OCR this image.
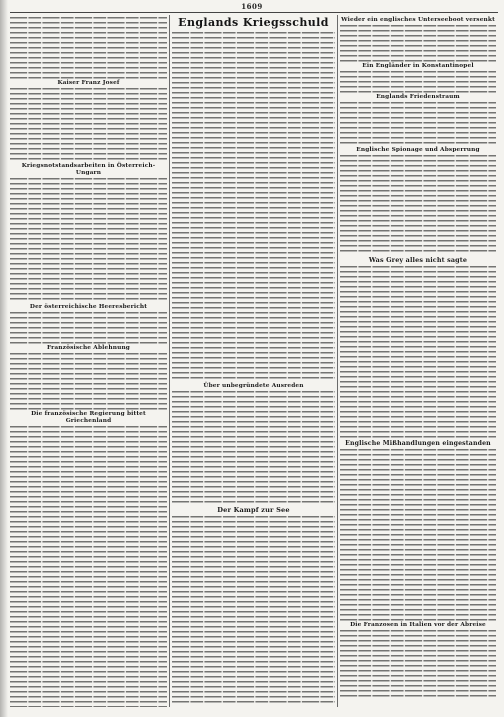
1609
Kaiser Franz Josef
Kriegsnotstandsarbeiten in Österreich-Ungarn
Der österreichische Heeresbericht
Französische Ablehnung
Die französische Regierung bittet Griechenland
Englands Kriegsschuld
Über unbegründete Ausreden
Der Kampf zur See
Wieder ein englisches Unterseeboot versenkt
Ein Engländer in Konstantinopel
Englands Friedenstraum
Englische Spionage und Absperrung
Was Grey alles nicht sagte
Englische Mißhandlungen eingestanden
Die Franzosen in Italien vor der Abreise
